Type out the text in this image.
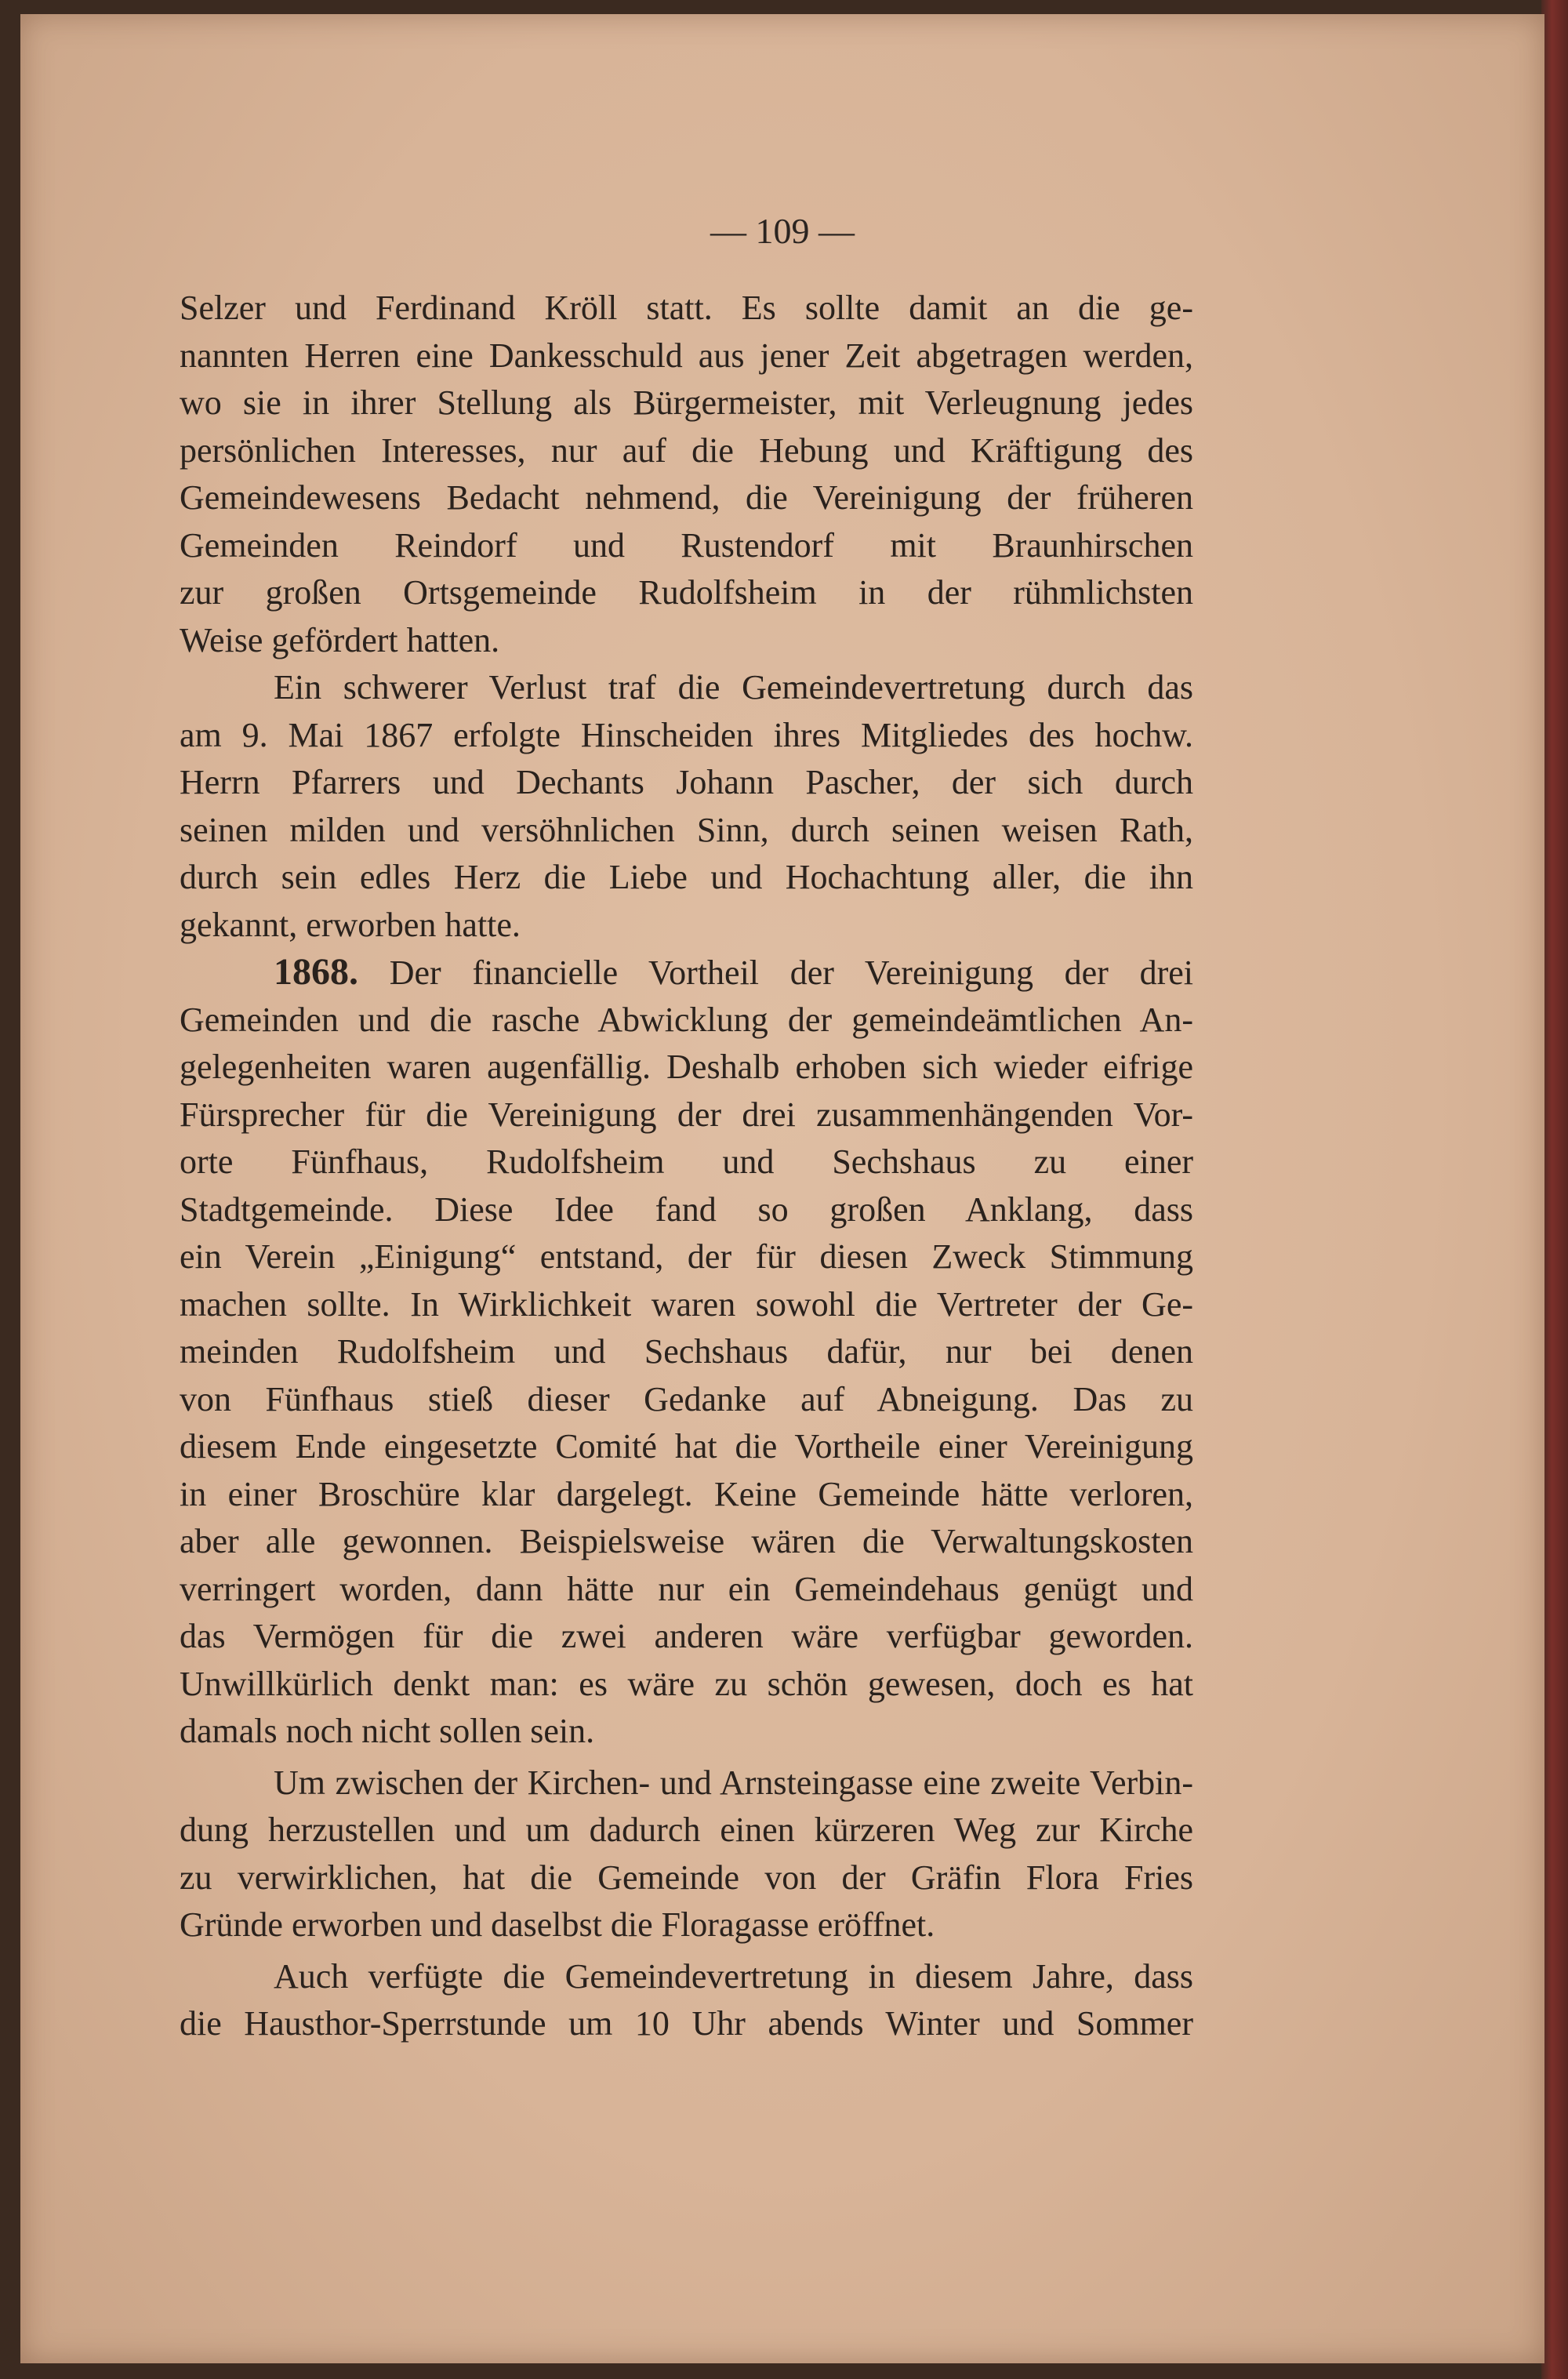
— 109 —
Selzer und Ferdinand Kröll statt. Es sollte damit an die ge-
nannten Herren eine Dankesschuld aus jener Zeit abgetragen werden,
wo sie in ihrer Stellung als Bürgermeister, mit Verleugnung jedes
persönlichen Interesses, nur auf die Hebung und Kräftigung des
Gemeindewesens Bedacht nehmend, die Vereinigung der früheren
Gemeinden Reindorf und Rustendorf mit Braunhirschen
zur großen Ortsgemeinde Rudolfsheim in der rühmlichsten
Weise gefördert hatten.
Ein schwerer Verlust traf die Gemeindevertretung durch das
am 9. Mai 1867 erfolgte Hinscheiden ihres Mitgliedes des hochw.
Herrn Pfarrers und Dechants Johann Pascher, der sich durch
seinen milden und versöhnlichen Sinn, durch seinen weisen Rath,
durch sein edles Herz die Liebe und Hochachtung aller, die ihn
gekannt, erworben hatte.
1868. Der financielle Vortheil der Vereinigung der drei
Gemeinden und die rasche Abwicklung der gemeindeämtlichen An-
gelegenheiten waren augenfällig. Deshalb erhoben sich wieder eifrige
Fürsprecher für die Vereinigung der drei zusammenhängenden Vor-
orte Fünfhaus, Rudolfsheim und Sechshaus zu einer
Stadtgemeinde. Diese Idee fand so großen Anklang, dass
ein Verein „Einigung“ entstand, der für diesen Zweck Stimmung
machen sollte. In Wirklichkeit waren sowohl die Vertreter der Ge-
meinden Rudolfsheim und Sechshaus dafür, nur bei denen
von Fünfhaus stieß dieser Gedanke auf Abneigung. Das zu
diesem Ende eingesetzte Comité hat die Vortheile einer Vereinigung
in einer Broschüre klar dargelegt. Keine Gemeinde hätte verloren,
aber alle gewonnen. Beispielsweise wären die Verwaltungskosten
verringert worden, dann hätte nur ein Gemeindehaus genügt und
das Vermögen für die zwei anderen wäre verfügbar geworden.
Unwillkürlich denkt man: es wäre zu schön gewesen, doch es hat
damals noch nicht sollen sein.
Um zwischen der Kirchen- und Arnsteingasse eine zweite Verbin-
dung herzustellen und um dadurch einen kürzeren Weg zur Kirche
zu verwirklichen, hat die Gemeinde von der Gräfin Flora Fries
Gründe erworben und daselbst die Floragasse eröffnet.
Auch verfügte die Gemeindevertretung in diesem Jahre, dass
die Hausthor-Sperrstunde um 10 Uhr abends Winter und Sommer
